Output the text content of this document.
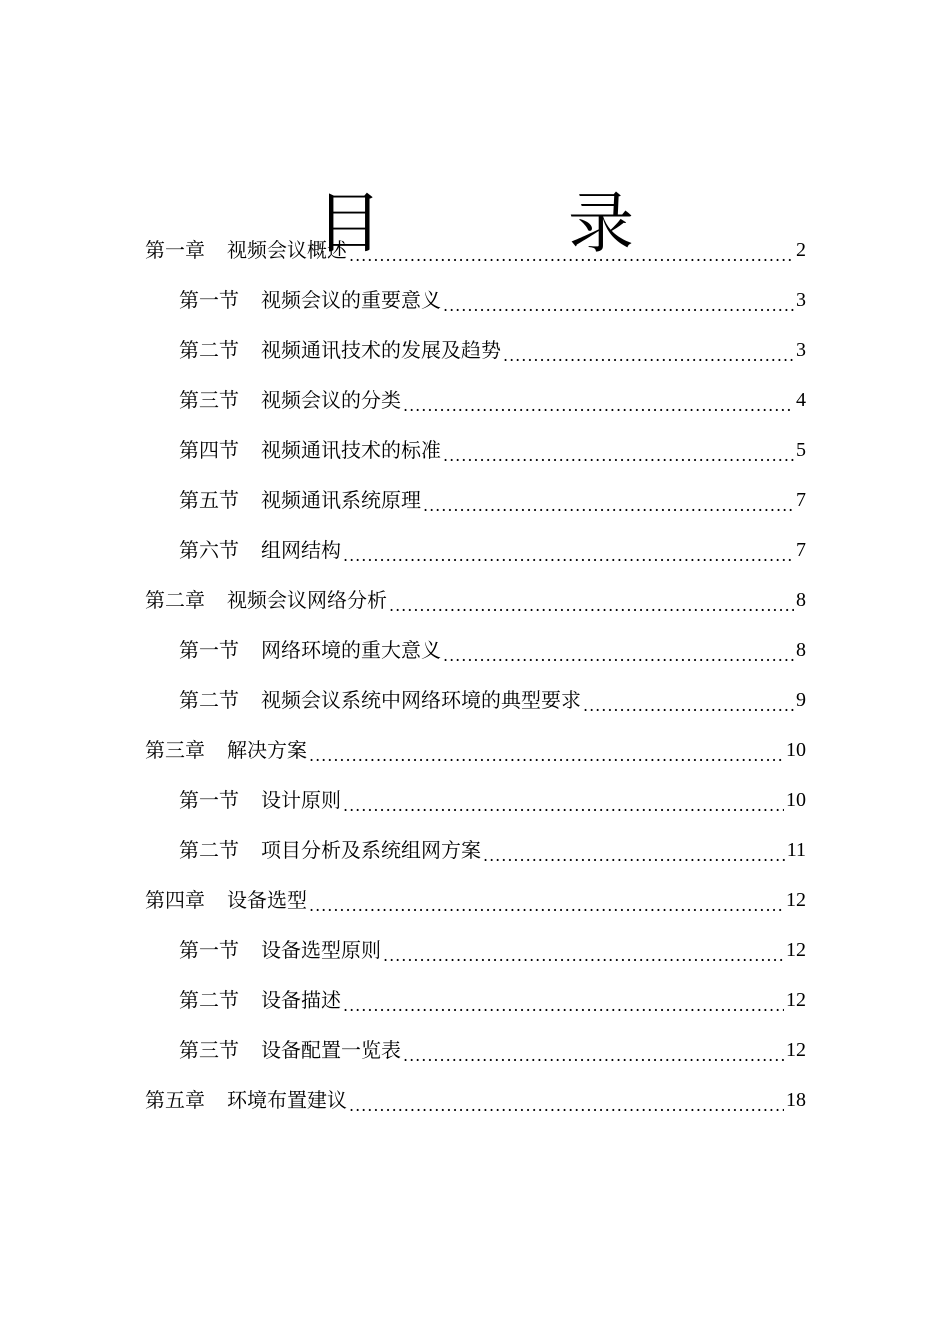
目　录
第一章 视频会议概述 .....	2
第一节 视频会议的重要意义 .....	3
第二节 视频通讯技术的发展及趋势 .....	3
第三节 视频会议的分类 .....	4
第四节 视频通讯技术的标准 .....	5
第五节 视频通讯系统原理 .....	7
第六节 组网结构 .....	7
第二章 视频会议网络分析 .....	8
第一节 网络环境的重大意义 .....	8
第二节 视频会议系统中网络环境的典型要求 .....	9
第三章 解决方案 .....	10
第一节 设计原则 .....	10
第二节 项目分析及系统组网方案 .....	11
第四章 设备选型 .....	12
第一节 设备选型原则 .....	12
第二节 设备描述 .....	12
第三节 设备配置一览表 .....	12
第五章 环境布置建议 .....	18
